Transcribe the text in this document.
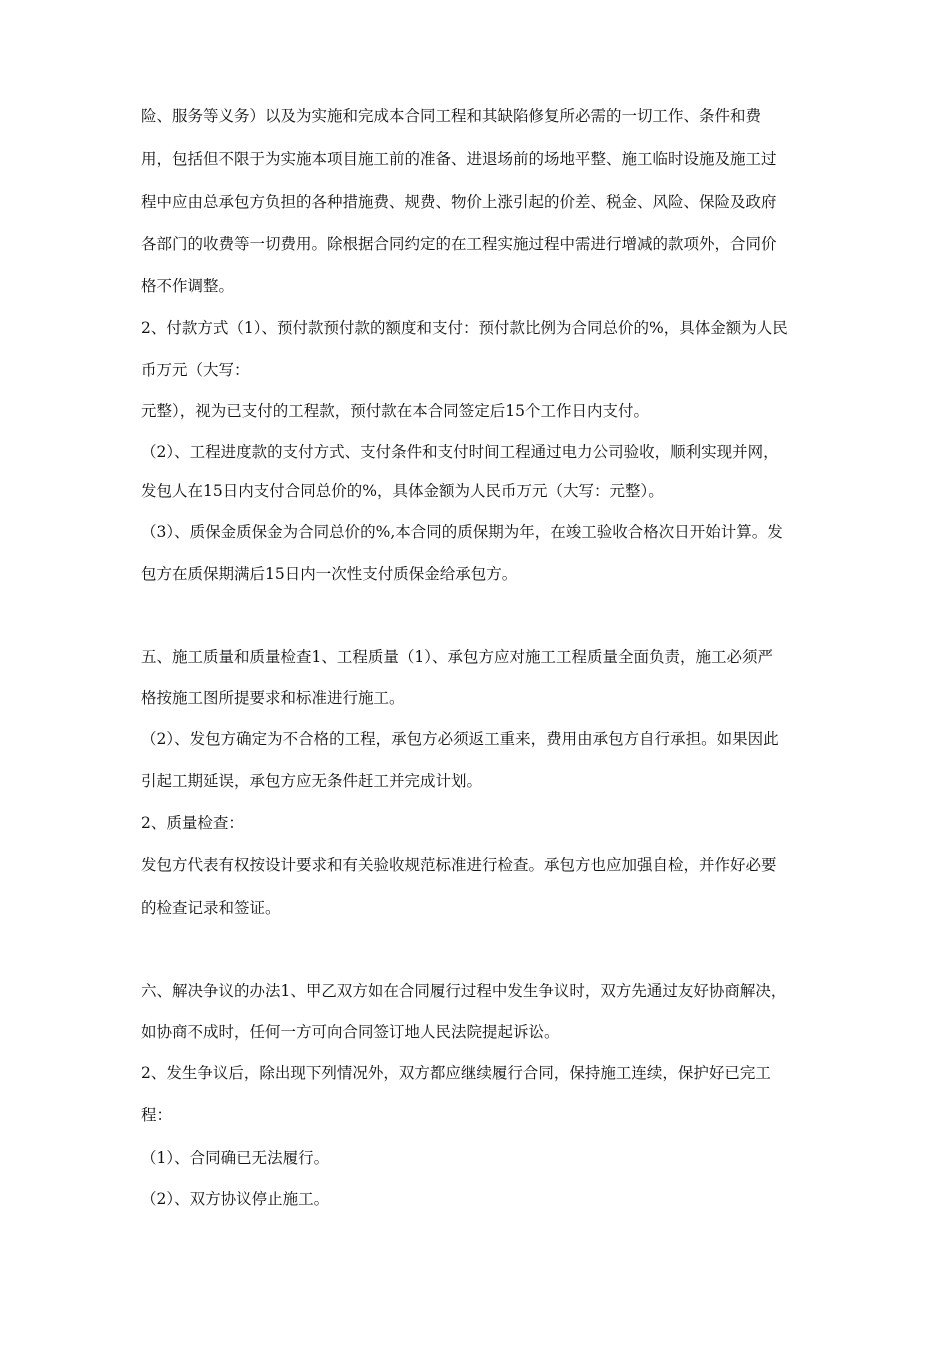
险、服务等义务）以及为实施和完成本合同工程和其缺陷修复所必需的一切工作、条件和费
用，包括但不限于为实施本项目施工前的准备、进退场前的场地平整、施工临时设施及施工过
程中应由总承包方负担的各种措施费、规费、物价上涨引起的价差、税金、风险、保险及政府
各部门的收费等一切费用。除根据合同约定的在工程实施过程中需进行增减的款项外，合同价
格不作调整。
2、付款方式（1）、预付款预付款的额度和支付：预付款比例为合同总价的%，具体金额为人民
币万元（大写：
元整），视为已支付的工程款，预付款在本合同签定后15个工作日内支付。
（2）、工程进度款的支付方式、支付条件和支付时间工程通过电力公司验收，顺利实现并网，
发包人在15日内支付合同总价的%，具体金额为人民币万元（大写：元整）。
（3）、质保金质保金为合同总价的%,本合同的质保期为年，在竣工验收合格次日开始计算。发
包方在质保期满后15日内一次性支付质保金给承包方。
五、施工质量和质量检查1、工程质量（1）、承包方应对施工工程质量全面负责，施工必须严
格按施工图所提要求和标准进行施工。
（2）、发包方确定为不合格的工程，承包方必须返工重来，费用由承包方自行承担。如果因此
引起工期延误，承包方应无条件赶工并完成计划。
2、质量检查：
发包方代表有权按设计要求和有关验收规范标准进行检查。承包方也应加强自检，并作好必要
的检查记录和签证。
六、解决争议的办法1、甲乙双方如在合同履行过程中发生争议时，双方先通过友好协商解决，
如协商不成时，任何一方可向合同签订地人民法院提起诉讼。
2、发生争议后，除出现下列情况外，双方都应继续履行合同，保持施工连续，保护好已完工
程：
（1）、合同确已无法履行。
（2）、双方协议停止施工。
